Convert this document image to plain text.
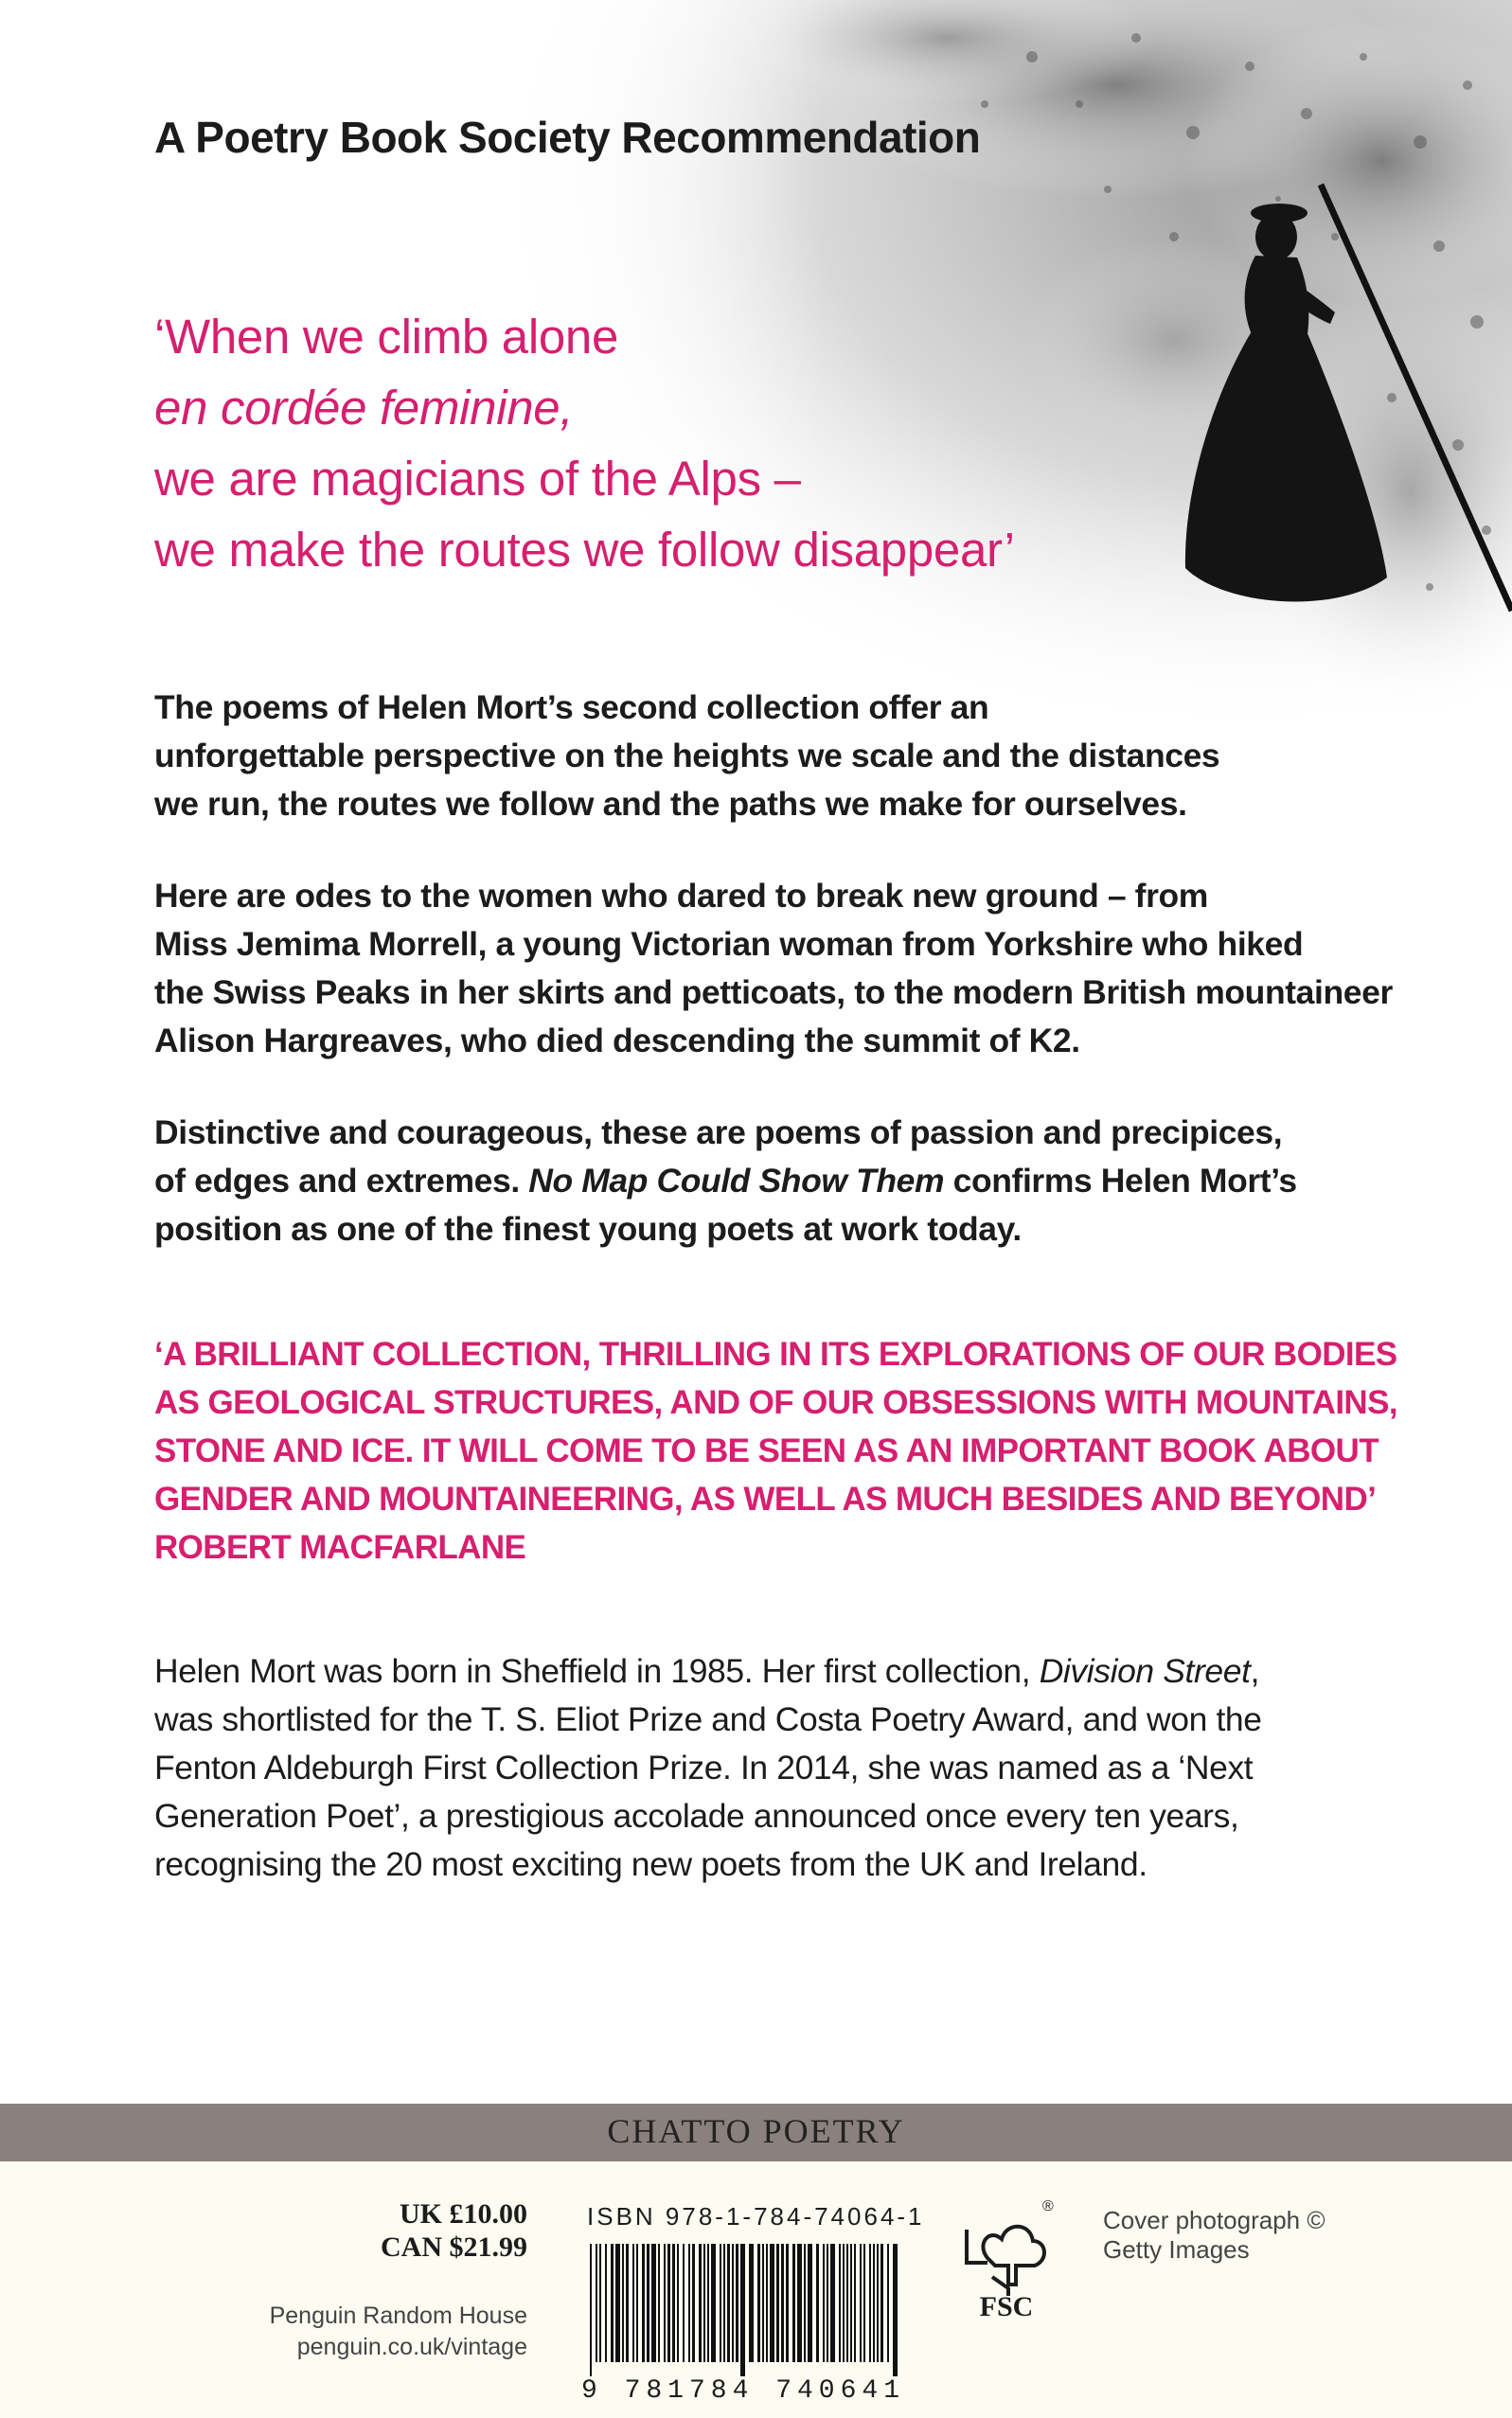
A Poetry Book Society Recommendation
‘When we climb alone
en cordée feminine,
we are magicians of the Alps –
we make the routes we follow disappear’
The poems of Helen Mort’s second collection offer an
unforgettable perspective on the heights we scale and the distances
we run, the routes we follow and the paths we make for ourselves.
Here are odes to the women who dared to break new ground – from
Miss Jemima Morrell, a young Victorian woman from Yorkshire who hiked
the Swiss Peaks in her skirts and petticoats, to the modern British mountaineer
Alison Hargreaves, who died descending the summit of K2.
Distinctive and courageous, these are poems of passion and precipices,
of edges and extremes. No Map Could Show Them confirms Helen Mort’s
position as one of the finest young poets at work today.
‘A BRILLIANT COLLECTION, THRILLING IN ITS EXPLORATIONS OF OUR BODIES
AS GEOLOGICAL STRUCTURES, AND OF OUR OBSESSIONS WITH MOUNTAINS,
STONE AND ICE. IT WILL COME TO BE SEEN AS AN IMPORTANT BOOK ABOUT
GENDER AND MOUNTAINEERING, AS WELL AS MUCH BESIDES AND BEYOND’
ROBERT MACFARLANE
Helen Mort was born in Sheffield in 1985. Her first collection, Division Street,
was shortlisted for the T. S. Eliot Prize and Costa Poetry Award, and won the
Fenton Aldeburgh First Collection Prize. In 2014, she was named as a ‘Next
Generation Poet’, a prestigious accolade announced once every ten years,
recognising the 20 most exciting new poets from the UK and Ireland.
CHATTO POETRY
UK £10.00
CAN $21.99
Penguin Random House
penguin.co.uk/vintage
ISBN 978-1-784-74064-1
9 781784 740641
®
FSC
Cover photograph ©
Getty Images
